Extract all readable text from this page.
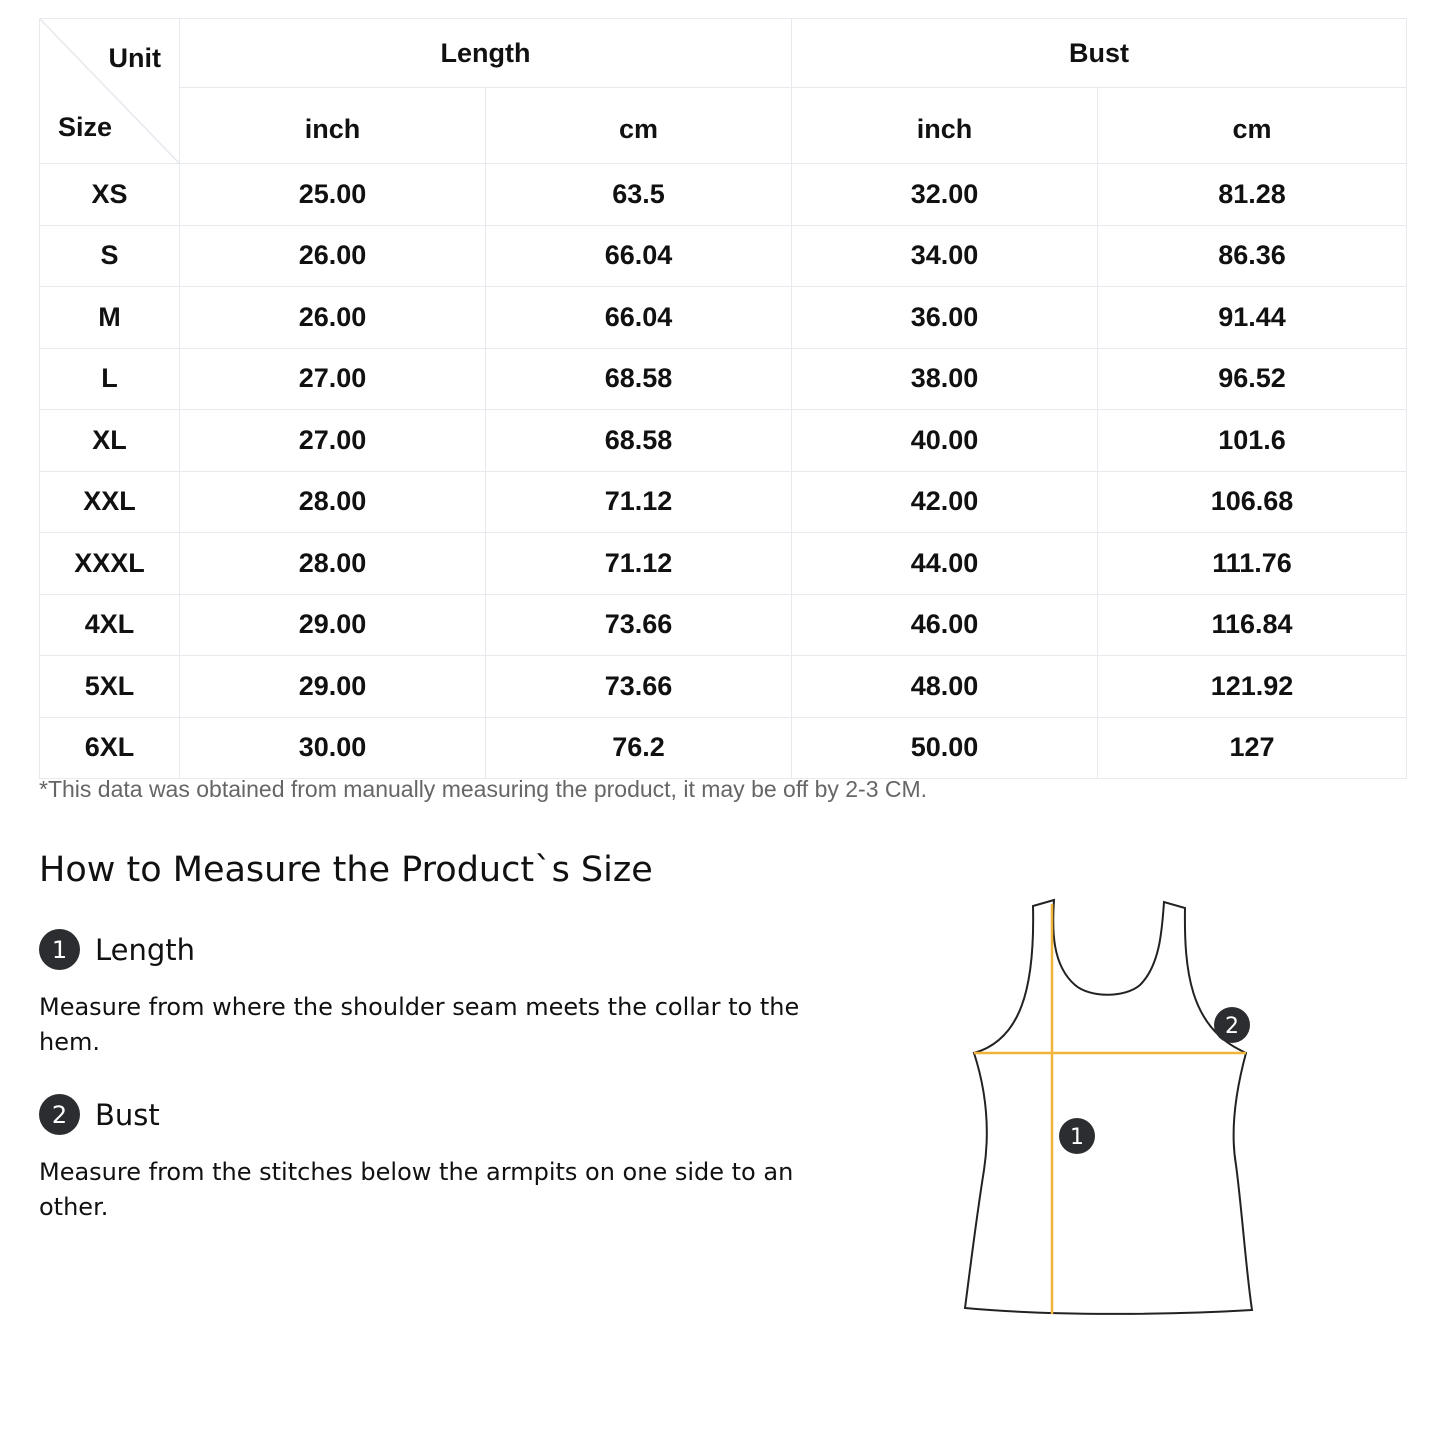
Unit
Size	Length		Bust	
	inch	cm	inch	cm
XS	25.00	63.5	32.00	81.28
S	26.00	66.04	34.00	86.36
M	26.00	66.04	36.00	91.44
L	27.00	68.58	38.00	96.52
XL	27.00	68.58	40.00	101.6
XXL	28.00	71.12	42.00	106.68
XXXL	28.00	71.12	44.00	111.76
4XL	29.00	73.66	46.00	116.84
5XL	29.00	73.66	48.00	121.92
6XL	30.00	76.2	50.00	127
*This data was obtained from manually measuring the product, it may be off by 2-3 CM.
How to Measure the Product`s Size
1 Length
Measure from where the shoulder seam meets the collar to the hem.
2 Bust
Measure from the stitches below the armpits on one side to an other.
1
2
